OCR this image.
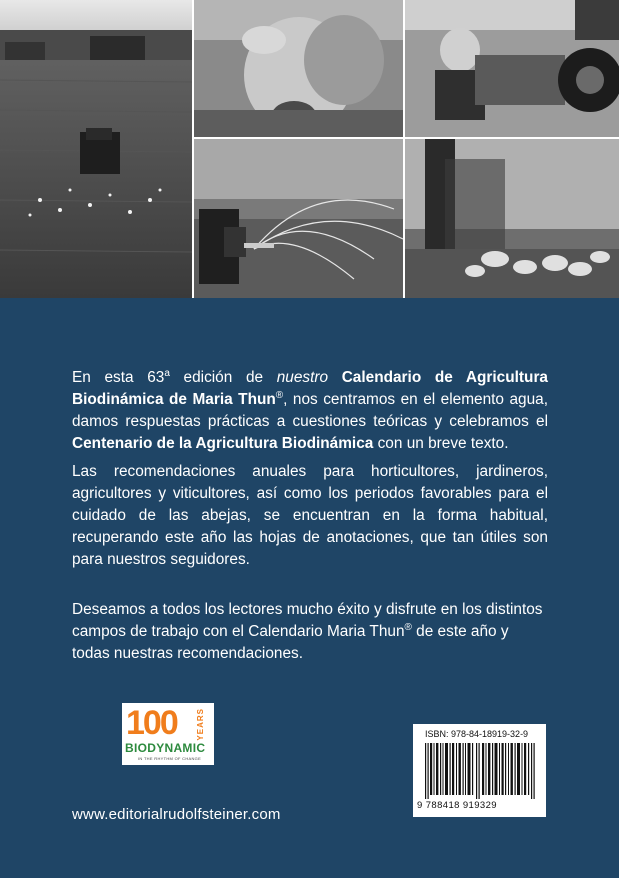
En esta 63$^a$ edición de nuestro Calendario de Agricultura Biodinámica de Maria Thun®, nos centramos en el elemento agua, damos respuestas prácticas a cuestiones teóricas y celebramos el Centenario de la Agricultura Biodinámica con un breve texto.

Las recomendaciones anuales para horticultores, jardineros, agricultores y viticultores, así como los periodos favorables para el cuidado de las abejas, se encuentran en la forma habitual, recuperando este año las hojas de anotaciones, que tan útiles son para nuestros seguidores.

Deseamos a todos los lectores mucho éxito y disfrute en los distintos campos de trabajo con el Calendario Maria Thun® de este año y todas nuestras recomendaciones.

100 YEARS
BIODYNAMIC
IN THE RHYTHM OF CHANGE
ISBN: 978-84-18919-32-9
9 788418 919329
www.editorialrudolfsteiner.com
